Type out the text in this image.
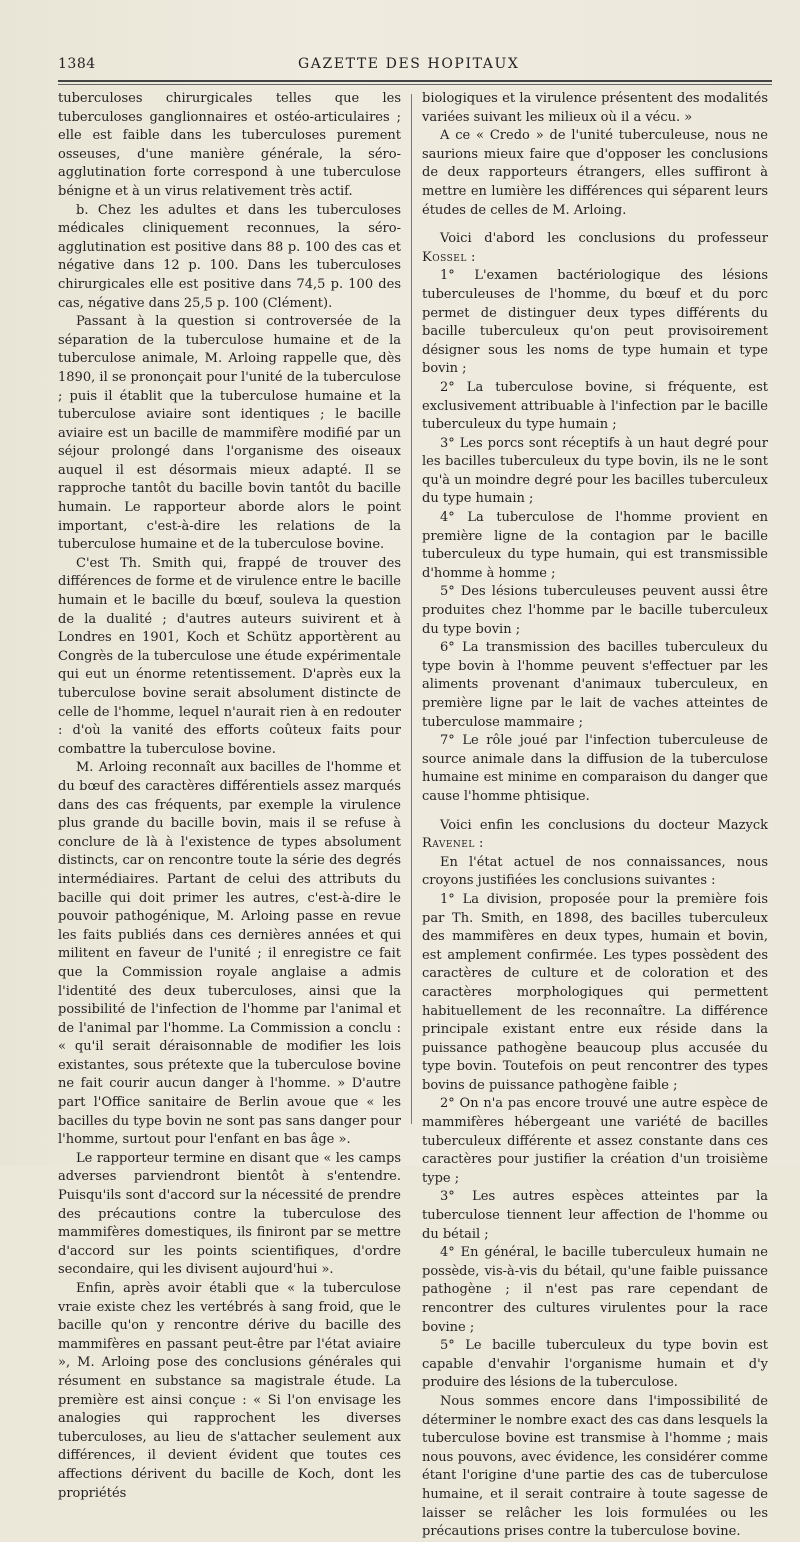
1384	GAZETTE DES HOPITAUX

tuberculoses chirurgicales telles que les tuberculoses ganglionnaires et ostéo-articulaires ; elle est faible dans les tuberculoses purement osseuses, d'une manière générale, la séro-agglutination forte correspond à une tuberculose bénigne et à un virus relativement très actif.

b. Chez les adultes et dans les tuberculoses médicales cliniquement reconnues, la séro-agglutination est positive dans 88 p. 100 des cas et négative dans 12 p. 100. Dans les tuberculoses chirurgicales elle est positive dans 74,5 p. 100 des cas, négative dans 25,5 p. 100 (Clément).

Passant à la question si controversée de la séparation de la tuberculose humaine et de la tuberculose animale, M. Arloing rappelle que, dès 1890, il se prononçait pour l'unité de la tuberculose ; puis il établit que la tuberculose humaine et la tuberculose aviaire sont identiques ; le bacille aviaire est un bacille de mammifère modifié par un séjour prolongé dans l'organisme des oiseaux auquel il est désormais mieux adapté. Il se rapproche tantôt du bacille bovin tantôt du bacille humain. Le rapporteur aborde alors le point important, c'est-à-dire les relations de la tuberculose humaine et de la tuberculose bovine.

C'est Th. Smith qui, frappé de trouver des différences de forme et de virulence entre le bacille humain et le bacille du bœuf, souleva la question de la dualité ; d'autres auteurs suivirent et à Londres en 1901, Koch et Schütz apportèrent au Congrès de la tuberculose une étude expérimentale qui eut un énorme retentissement. D'après eux la tuberculose bovine serait absolument distincte de celle de l'homme, lequel n'aurait rien à en redouter : d'où la vanité des efforts coûteux faits pour combattre la tuberculose bovine.

M. Arloing reconnaît aux bacilles de l'homme et du bœuf des caractères différentiels assez marqués dans des cas fréquents, par exemple la virulence plus grande du bacille bovin, mais il se refuse à conclure de là à l'existence de types absolument distincts, car on rencontre toute la série des degrés intermédiaires. Partant de celui des attributs du bacille qui doit primer les autres, c'est-à-dire le pouvoir pathogénique, M. Arloing passe en revue les faits publiés dans ces dernières années et qui militent en faveur de l'unité ; il enregistre ce fait que la Commission royale anglaise a admis l'identité des deux tuberculoses, ainsi que la possibilité de l'infection de l'homme par l'animal et de l'animal par l'homme. La Commission a conclu : « qu'il serait déraisonnable de modifier les lois existantes, sous prétexte que la tuberculose bovine ne fait courir aucun danger à l'homme. » D'autre part l'Office sanitaire de Berlin avoue que « les bacilles du type bovin ne sont pas sans danger pour l'homme, surtout pour l'enfant en bas âge ».

Le rapporteur termine en disant que « les camps adverses parviendront bientôt à s'entendre. Puisqu'ils sont d'accord sur la nécessité de prendre des précautions contre la tuberculose des mammifères domestiques, ils finiront par se mettre d'accord sur les points scientifiques, d'ordre secondaire, qui les divisent aujourd'hui ».

Enfin, après avoir établi que « la tuberculose vraie existe chez les vertébrés à sang froid, que le bacille qu'on y rencontre dérive du bacille des mammifères en passant peut-être par l'état aviaire », M. Arloing pose des conclusions générales qui résument en substance sa magistrale étude. La première est ainsi conçue : « Si l'on envisage les analogies qui rapprochent les diverses tuberculoses, au lieu de s'attacher seulement aux différences, il devient évident que toutes ces affections dérivent du bacille de Koch, dont les propriétés

biologiques et la virulence présentent des modalités variées suivant les milieux où il a vécu. »

A ce « Credo » de l'unité tuberculeuse, nous ne saurions mieux faire que d'opposer les conclusions de deux rapporteurs étrangers, elles suffiront à mettre en lumière les différences qui séparent leurs études de celles de M. Arloing.

Voici d'abord les conclusions du professeur Kossel :

1° L'examen bactériologique des lésions tuberculeuses de l'homme, du bœuf et du porc permet de distinguer deux types différents du bacille tuberculeux qu'on peut provisoirement désigner sous les noms de type humain et type bovin ;

2° La tuberculose bovine, si fréquente, est exclusivement attribuable à l'infection par le bacille tuberculeux du type humain ;

3° Les porcs sont réceptifs à un haut degré pour les bacilles tuberculeux du type bovin, ils ne le sont qu'à un moindre degré pour les bacilles tuberculeux du type humain ;

4° La tuberculose de l'homme provient en première ligne de la contagion par le bacille tuberculeux du type humain, qui est transmissible d'homme à homme ;

5° Des lésions tuberculeuses peuvent aussi être produites chez l'homme par le bacille tuberculeux du type bovin ;

6° La transmission des bacilles tuberculeux du type bovin à l'homme peuvent s'effectuer par les aliments provenant d'animaux tuberculeux, en première ligne par le lait de vaches atteintes de tuberculose mammaire ;

7° Le rôle joué par l'infection tuberculeuse de source animale dans la diffusion de la tuberculose humaine est minime en comparaison du danger que cause l'homme phtisique.

Voici enfin les conclusions du docteur Mazyck Ravenel :

En l'état actuel de nos connaissances, nous croyons justifiées les conclusions suivantes :

1° La division, proposée pour la première fois par Th. Smith, en 1898, des bacilles tuberculeux des mammifères en deux types, humain et bovin, est amplement confirmée. Les types possèdent des caractères de culture et de coloration et des caractères morphologiques qui permettent habituellement de les reconnaître. La différence principale existant entre eux réside dans la puissance pathogène beaucoup plus accusée du type bovin. Toutefois on peut rencontrer des types bovins de puissance pathogène faible ;

2° On n'a pas encore trouvé une autre espèce de mammifères hébergeant une variété de bacilles tuberculeux différente et assez constante dans ces caractères pour justifier la création d'un troisième type ;

3° Les autres espèces atteintes par la tuberculose tiennent leur affection de l'homme ou du bétail ;

4° En général, le bacille tuberculeux humain ne possède, vis-à-vis du bétail, qu'une faible puissance pathogène ; il n'est pas rare cependant de rencontrer des cultures virulentes pour la race bovine ;

5° Le bacille tuberculeux du type bovin est capable d'envahir l'organisme humain et d'y produire des lésions de la tuberculose.

Nous sommes encore dans l'impossibilité de déterminer le nombre exact des cas dans lesquels la tuberculose bovine est transmise à l'homme ; mais nous pouvons, avec évidence, les considérer comme étant l'origine d'une partie des cas de tuberculose humaine, et il serait contraire à toute sagesse de laisser se relâcher les lois formulées ou les précautions prises contre la tuberculose bovine.
